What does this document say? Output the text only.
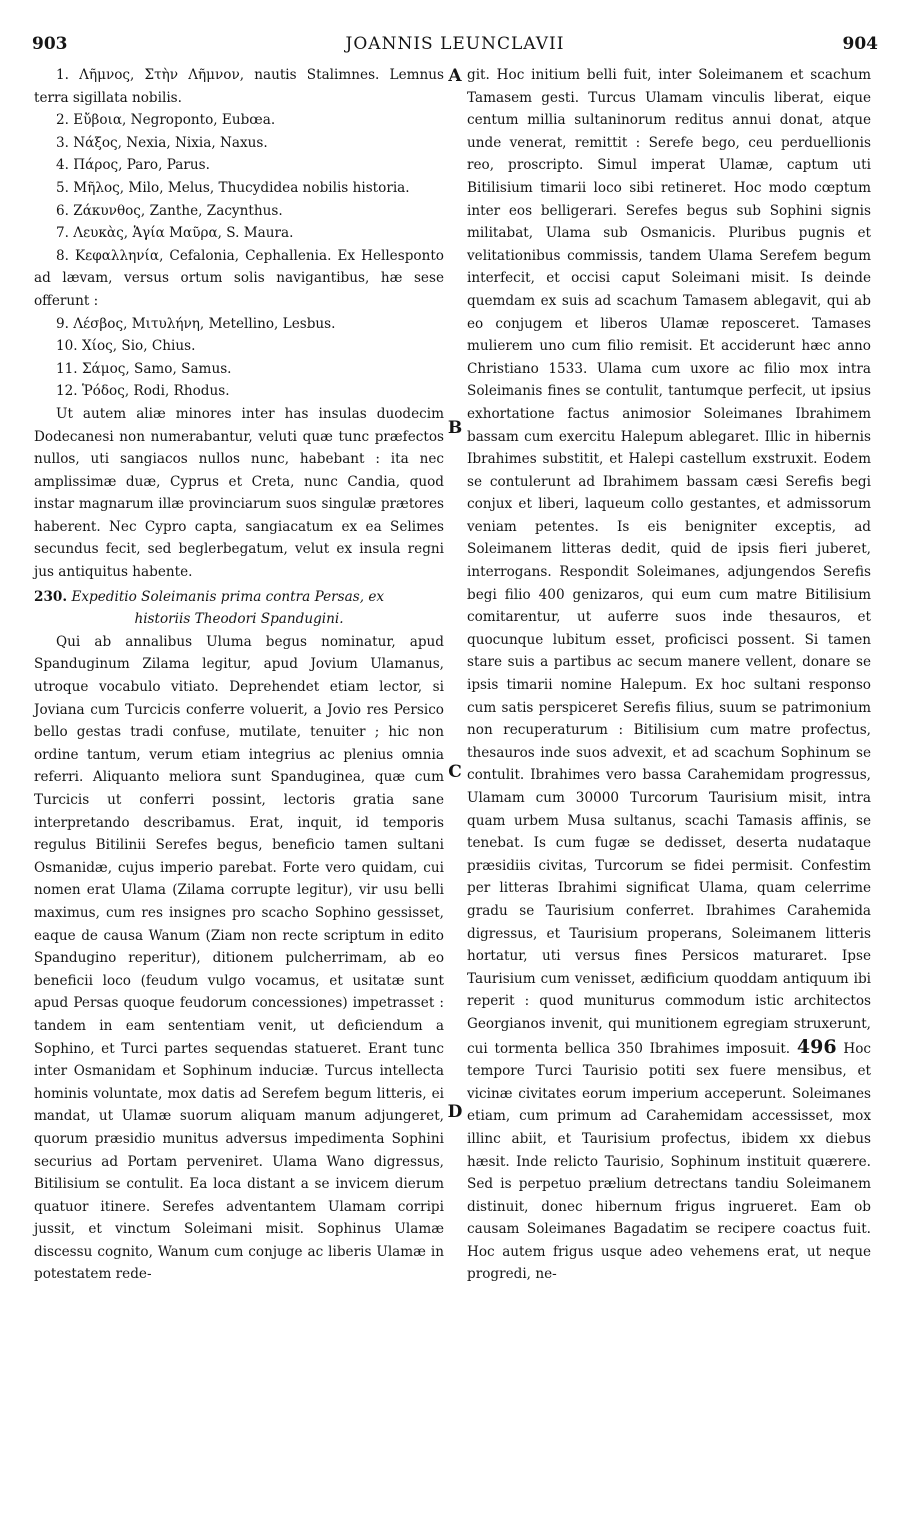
903	JOANNIS LEUNCLAVII	904

1. Λῆμνος, Στὴν Λῆμνον, nautis Stalimnes. Lemnus terra sigillata nobilis.

2. Εὔβοια, Negroponto, Eubœa.

3. Νάξος, Nexia, Nixia, Naxus.

4. Πάρος, Paro, Parus.

5. Μῆλος, Milo, Melus, Thucydidea nobilis historia.

6. Ζάκυνθος, Zanthe, Zacynthus.

7. Λευκὰς, Ἁγία Μαῦρα, S. Maura.

8. Κεφαλληνία, Cefalonia, Cephallenia. Ex Hellesponto ad lævam, versus ortum solis navigantibus, hæ sese offerunt :

9. Λέσβος, Μιτυλήνη, Metellino, Lesbus.

10. Χίος, Sio, Chius.

11. Σάμος, Samo, Samus.

12. Ῥόδος, Rodi, Rhodus.

Ut autem aliæ minores inter has insulas duodecim Dodecanesi non numerabantur, veluti quæ tunc præfectos nullos, uti sangiacos nullos nunc, habebant : ita nec amplissimæ duæ, Cyprus et Creta, nunc Candia, quod instar magnarum illæ provinciarum suos singulæ prætores haberent. Nec Cypro capta, sangiacatum ex ea Selimes secundus fecit, sed beglerbegatum, velut ex insula regni jus antiquitus habente.

230. Expeditio Soleimanis prima contra Persas, ex
historiis Theodori Spandugini.

Qui ab annalibus Uluma begus nominatur, apud Spanduginum Zilama legitur, apud Jovium Ulamanus, utroque vocabulo vitiato. Deprehendet etiam lector, si Joviana cum Turcicis conferre voluerit, a Jovio res Persico bello gestas tradi confuse, mutilate, tenuiter ; hic non ordine tantum, verum etiam integrius ac plenius omnia referri. Aliquanto meliora sunt Spanduginea, quæ cum Turcicis ut conferri possint, lectoris gratia sane interpretando describamus. Erat, inquit, id temporis regulus Bitilinii Serefes begus, beneficio tamen sultani Osmanidæ, cujus imperio parebat. Forte vero quidam, cui nomen erat Ulama (Zilama corrupte legitur), vir usu belli maximus, cum res insignes pro scacho Sophino gessisset, eaque de causa Wanum (Ziam non recte scriptum in edito Spandugino reperitur), ditionem pulcherrimam, ab eo beneficii loco (feudum vulgo vocamus, et usitatæ sunt apud Persas quoque feudorum concessiones) impetrasset : tandem in eam sententiam venit, ut deficiendum a Sophino, et Turci partes sequendas statueret. Erant tunc inter Osmanidam et Sophinum induciæ. Turcus intellecta hominis voluntate, mox datis ad Serefem begum litteris, ei mandat, ut Ulamæ suorum aliquam manum adjungeret, quorum præsidio munitus adversus impedimenta Sophini securius ad Portam perveniret. Ulama Wano digressus, Bitilisium se contulit. Ea loca distant a se invicem dierum quatuor itinere. Serefes adventantem Ulamam corripi jussit, et vinctum Soleimani misit. Sophinus Ulamæ discessu cognito, Wanum cum conjuge ac liberis Ulamæ in potestatem rede-

git. Hoc initium belli fuit, inter Soleimanem et scachum Tamasem gesti. Turcus Ulamam vinculis liberat, eique centum millia sultaninorum reditus annui donat, atque unde venerat, remittit : Serefe bego, ceu perduellionis reo, proscripto. Simul imperat Ulamæ, captum uti Bitilisium timarii loco sibi retineret. Hoc modo cœptum inter eos belligerari. Serefes begus sub Sophini signis militabat, Ulama sub Osmanicis. Pluribus pugnis et velitationibus commissis, tandem Ulama Serefem begum interfecit, et occisi caput Soleimani misit. Is deinde quemdam ex suis ad scachum Tamasem ablegavit, qui ab eo conjugem et liberos Ulamæ reposceret. Tamases mulierem uno cum filio remisit. Et acciderunt hæc anno Christiano 1533. Ulama cum uxore ac filio mox intra Soleimanis fines se contulit, tantumque perfecit, ut ipsius exhortatione factus animosior Soleimanes Ibrahimem bassam cum exercitu Halepum ablegaret. Illic in hibernis Ibrahimes substitit, et Halepi castellum exstruxit. Eodem se contulerunt ad Ibrahimem bassam cæsi Serefis begi conjux et liberi, laqueum collo gestantes, et admissorum veniam petentes. Is eis benigniter exceptis, ad Soleimanem litteras dedit, quid de ipsis fieri juberet, interrogans. Respondit Soleimanes, adjungendos Serefis begi filio 400 genizaros, qui eum cum matre Bitilisium comitarentur, ut auferre suos inde thesauros, et quocunque lubitum esset, proficisci possent. Si tamen stare suis a partibus ac secum manere vellent, donare se ipsis timarii nomine Halepum. Ex hoc sultani responso cum satis perspiceret Serefis filius, suum se patrimonium non recuperaturum : Bitilisium cum matre profectus, thesauros inde suos advexit, et ad scachum Sophinum se contulit. Ibrahimes vero bassa Carahemidam progressus, Ulamam cum 30000 Turcorum Taurisium misit, intra quam urbem Musa sultanus, scachi Tamasis affinis, se tenebat. Is cum fugæ se dedisset, deserta nudataque præsidiis civitas, Turcorum se fidei permisit. Confestim per litteras Ibrahimi significat Ulama, quam celerrime gradu se Taurisium conferret. Ibrahimes Carahemida digressus, et Taurisium properans, Soleimanem litteris hortatur, uti versus fines Persicos maturaret. Ipse Taurisium cum venisset, ædificium quoddam antiquum ibi reperit : quod muniturus commodum istic architectos Georgianos invenit, qui munitionem egregiam struxerunt, cui tormenta bellica 350 Ibrahimes imposuit. 496 Hoc tempore Turci Taurisio potiti sex fuere mensibus, et vicinæ civitates eorum imperium acceperunt. Soleimanes etiam, cum primum ad Carahemidam accessisset, mox illinc abiit, et Taurisium profectus, ibidem xx diebus hæsit. Inde relicto Taurisio, Sophinum instituit quærere. Sed is perpetuo prælium detrectans tandiu Soleimanem distinuit, donec hibernum frigus ingrueret. Eam ob causam Soleimanes Bagadatim se recipere coactus fuit. Hoc autem frigus usque adeo vehemens erat, ut neque progredi, ne-

A
B
C
D
